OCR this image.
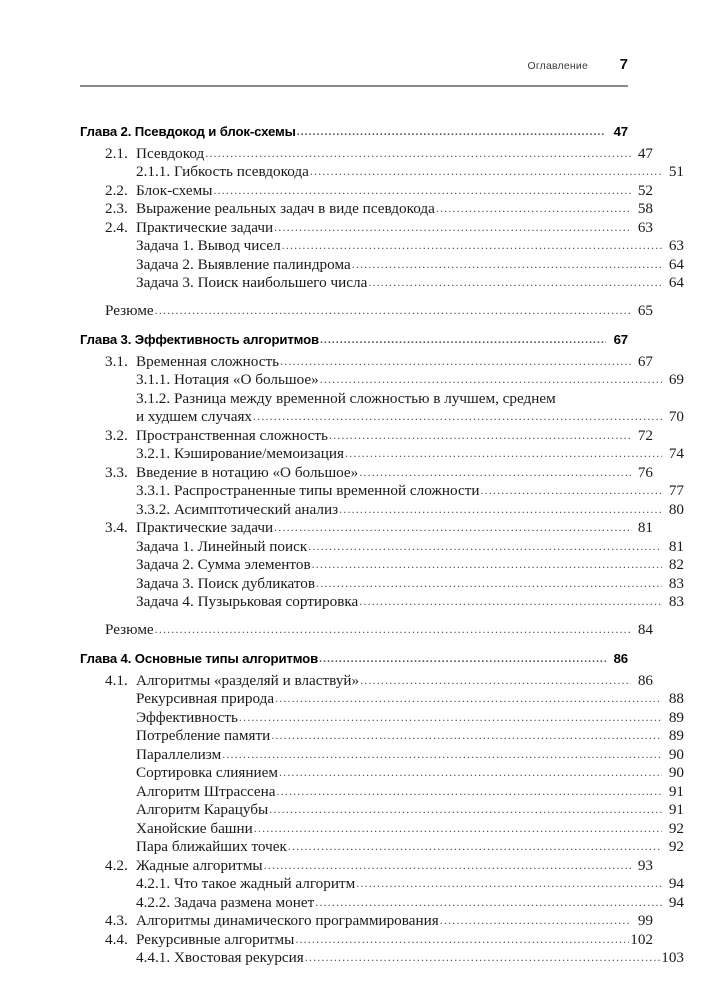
Оглавление	7
Глава 2. Псевдокод и блок-схемы .....	47
2.1. Псевдокод .....	47
2.1.1. Гибкость псевдокода .....	51
2.2. Блок-схемы .....	52
2.3. Выражение реальных задач в виде псевдокода .....	58
2.4. Практические задачи .....	63
Задача 1. Вывод чисел .....	63
Задача 2. Выявление палиндрома .....	64
Задача 3. Поиск наибольшего числа .....	64
Резюме .....	65
Глава 3. Эффективность алгоритмов .....	67
3.1. Временная сложность .....	67
3.1.1. Нотация «О большое» .....	69
3.1.2. Разница между временной сложностью в лучшем, среднем
и худшем случаях .....	70
3.2. Пространственная сложность .....	72
3.2.1. Кэширование/мемоизация .....	74
3.3. Введение в нотацию «О большое» .....	76
3.3.1. Распространенные типы временной сложности .....	77
3.3.2. Асимптотический анализ .....	80
3.4. Практические задачи .....	81
Задача 1. Линейный поиск .....	81
Задача 2. Сумма элементов .....	82
Задача 3. Поиск дубликатов .....	83
Задача 4. Пузырьковая сортировка .....	83
Резюме .....	84
Глава 4. Основные типы алгоритмов .....	86
4.1. Алгоритмы «разделяй и властвуй» .....	86
Рекурсивная природа .....	88
Эффективность .....	89
Потребление памяти .....	89
Параллелизм .....	90
Сортировка слиянием .....	90
Алгоритм Штрассена .....	91
Алгоритм Карацубы .....	91
Ханойские башни .....	92
Пара ближайших точек .....	92
4.2. Жадные алгоритмы .....	93
4.2.1. Что такое жадный алгоритм .....	94
4.2.2. Задача размена монет .....	94
4.3. Алгоритмы динамического программирования .....	99
4.4. Рекурсивные алгоритмы .....	102
4.4.1. Хвостовая рекурсия .....	103
